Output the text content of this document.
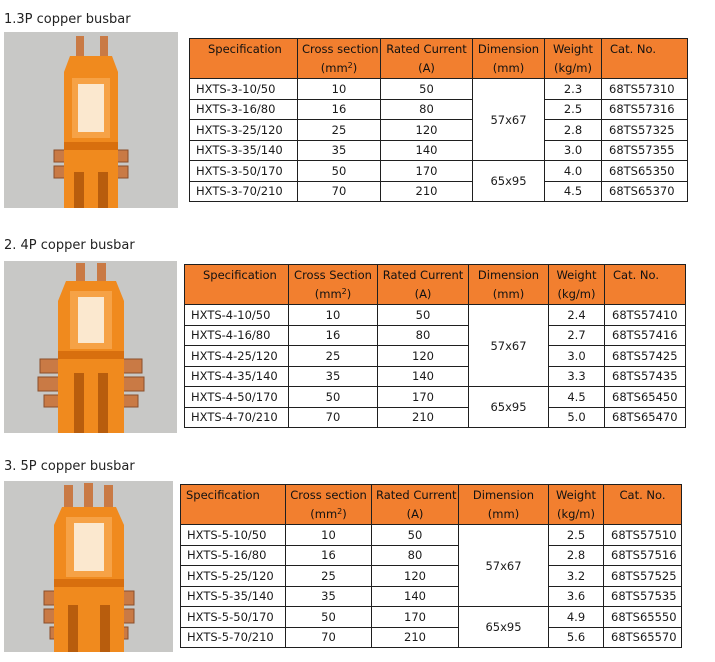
1.3P copper busbar
Specification	Cross section	Rated Current	Dimension	Weight	Cat. No.
	$(mm^2)$	(A)	(mm)	(kg/m)	
HXTS-3-10/50	10	50	57x67	2.3	68TS57310
HXTS-3-16/80	16	80		2.5	68TS57316
HXTS-3-25/120	25	120		2.8	68TS57325
HXTS-3-35/140	35	140		3.0	68TS57355
HXTS-3-50/170	50	170	65x95	4.0	68TS65350
HXTS-3-70/210	70	210		4.5	68TS65370
2. 4P copper busbar
Specification	Cross Section	Rated Current	Dimension	Weight	Cat. No.
	$(mm^2)$	(A)	(mm)	(kg/m)	
HXTS-4-10/50	10	50	57x67	2.4	68TS57410
HXTS-4-16/80	16	80		2.7	68TS57416
HXTS-4-25/120	25	120		3.0	68TS57425
HXTS-4-35/140	35	140		3.3	68TS57435
HXTS-4-50/170	50	170	65x95	4.5	68TS65450
HXTS-4-70/210	70	210		5.0	68TS65470
3. 5P copper busbar
Specification	Cross section	Rated Current	Dimension	Weight	Cat. No.
	$(mm^2)$	(A)	(mm)	(kg/m)	
HXTS-5-10/50	10	50	57x67	2.5	68TS57510
HXTS-5-16/80	16	80		2.8	68TS57516
HXTS-5-25/120	25	120		3.2	68TS57525
HXTS-5-35/140	35	140		3.6	68TS57535
HXTS-5-50/170	50	170	65x95	4.9	68TS65550
HXTS-5-70/210	70	210		5.6	68TS65570
